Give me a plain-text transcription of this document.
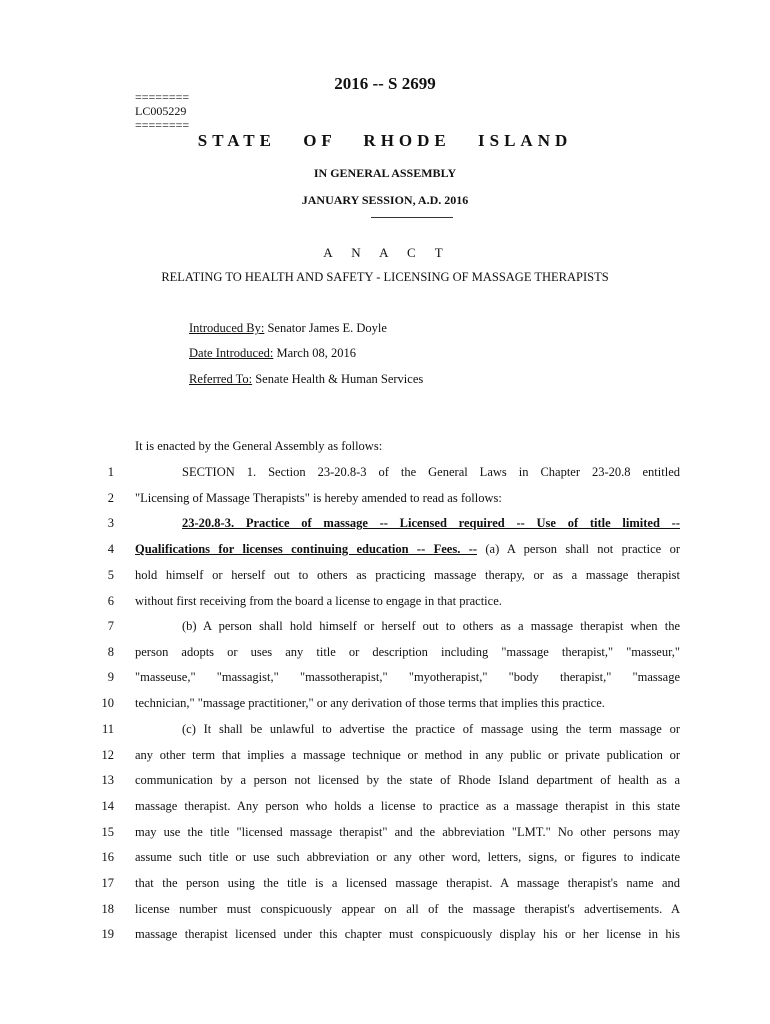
2016 -- S 2699
========
LC005229
========
STATE OF RHODE ISLAND
IN GENERAL ASSEMBLY
JANUARY SESSION, A.D. 2016
A N A C T
RELATING TO HEALTH AND SAFETY - LICENSING OF MASSAGE THERAPISTS
Introduced By: Senator James E. Doyle
Date Introduced: March 08, 2016
Referred To: Senate Health & Human Services
It is enacted by the General Assembly as follows:
1	SECTION 1. Section 23-20.8-3 of the General Laws in Chapter 23-20.8 entitled
2 "Licensing of Massage Therapists" is hereby amended to read as follows:
3	23-20.8-3. Practice of massage -- Licensed required -- Use of title limited --
4 Qualifications for licenses continuing education -- Fees. -- (a) A person shall not practice or
5 hold himself or herself out to others as practicing massage therapy, or as a massage therapist
6 without first receiving from the board a license to engage in that practice.
7	(b) A person shall hold himself or herself out to others as a massage therapist when the
8 person adopts or uses any title or description including "massage therapist," "masseur,"
9 "masseuse," "massagist," "massotherapist," "myotherapist," "body therapist," "massage
10 technician," "massage practitioner," or any derivation of those terms that implies this practice.
11	(c) It shall be unlawful to advertise the practice of massage using the term massage or
12 any other term that implies a massage technique or method in any public or private publication or
13 communication by a person not licensed by the state of Rhode Island department of health as a
14 massage therapist. Any person who holds a license to practice as a massage therapist in this state
15 may use the title "licensed massage therapist" and the abbreviation "LMT." No other persons may
16 assume such title or use such abbreviation or any other word, letters, signs, or figures to indicate
17 that the person using the title is a licensed massage therapist. A massage therapist's name and
18 license number must conspicuously appear on all of the massage therapist's advertisements. A
19 massage therapist licensed under this chapter must conspicuously display his or her license in his
